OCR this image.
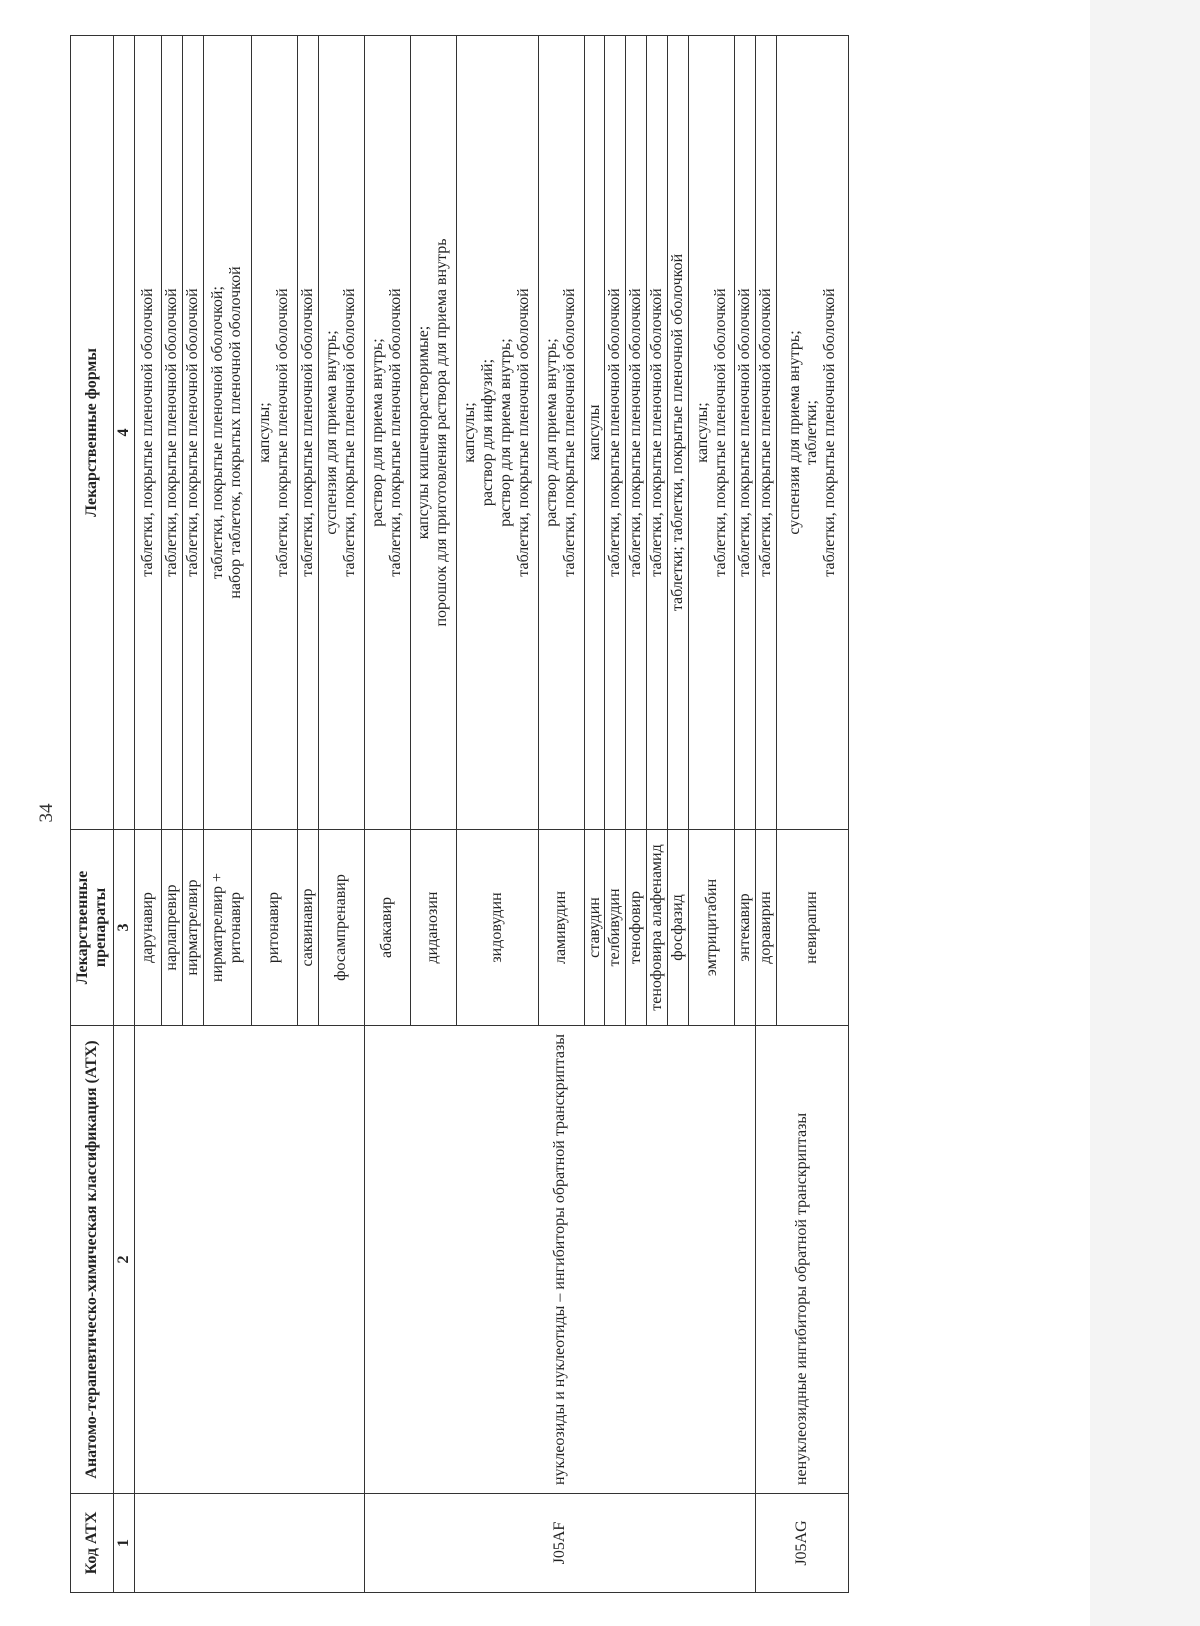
34
Код АТХ	Анатомо-терапевтическо-химическая классификация (АТХ)	Лекарственные препараты	Лекарственные формы
1	2	3	4

		дарунавир	таблетки, покрытые пленочной оболочкой

		нарлапревир	таблетки, покрытые пленочной оболочкой

		нирматрелвир	таблетки, покрытые пленочной оболочкой

		нирматрелвир + ритонавир	таблетки, покрытые пленочной оболочкой; набор таблеток, покрытых пленочной оболочкой

		ритонавир	капсулы; таблетки, покрытые пленочной оболочкой

		саквинавир	таблетки, покрытые пленочной оболочкой

		фосампренавир	суспензия для приема внутрь; таблетки, покрытые пленочной оболочкой

J05AF	нуклеозиды и нуклеотиды – ингибиторы обратной транскриптазы	абакавир	раствор для приема внутрь; таблетки, покрытые пленочной оболочкой

		диданозин	капсулы кишечнорастворимые; порошок для приготовления раствора для приема внутрь

		зидовудин	капсулы; раствор для инфузий; раствор для приема внутрь; таблетки, покрытые пленочной оболочкой

		ламивудин	раствор для приема внутрь; таблетки, покрытые пленочной оболочкой

		ставудин	капсулы

		телбивудин	таблетки, покрытые пленочной оболочкой

		тенофовир	таблетки, покрытые пленочной оболочкой

		тенофовира алафенамид	таблетки, покрытые пленочной оболочкой

		фосфазид	таблетки; таблетки, покрытые пленочной оболочкой

		эмтрицитабин	капсулы; таблетки, покрытые пленочной оболочкой

		энтекавир	таблетки, покрытые пленочной оболочкой

J05AG	ненуклеозидные ингибиторы обратной транскриптазы	доравирин	таблетки, покрытые пленочной оболочкой

		невирапин	суспензия для приема внутрь; таблетки; таблетки, покрытые пленочной оболочкой
